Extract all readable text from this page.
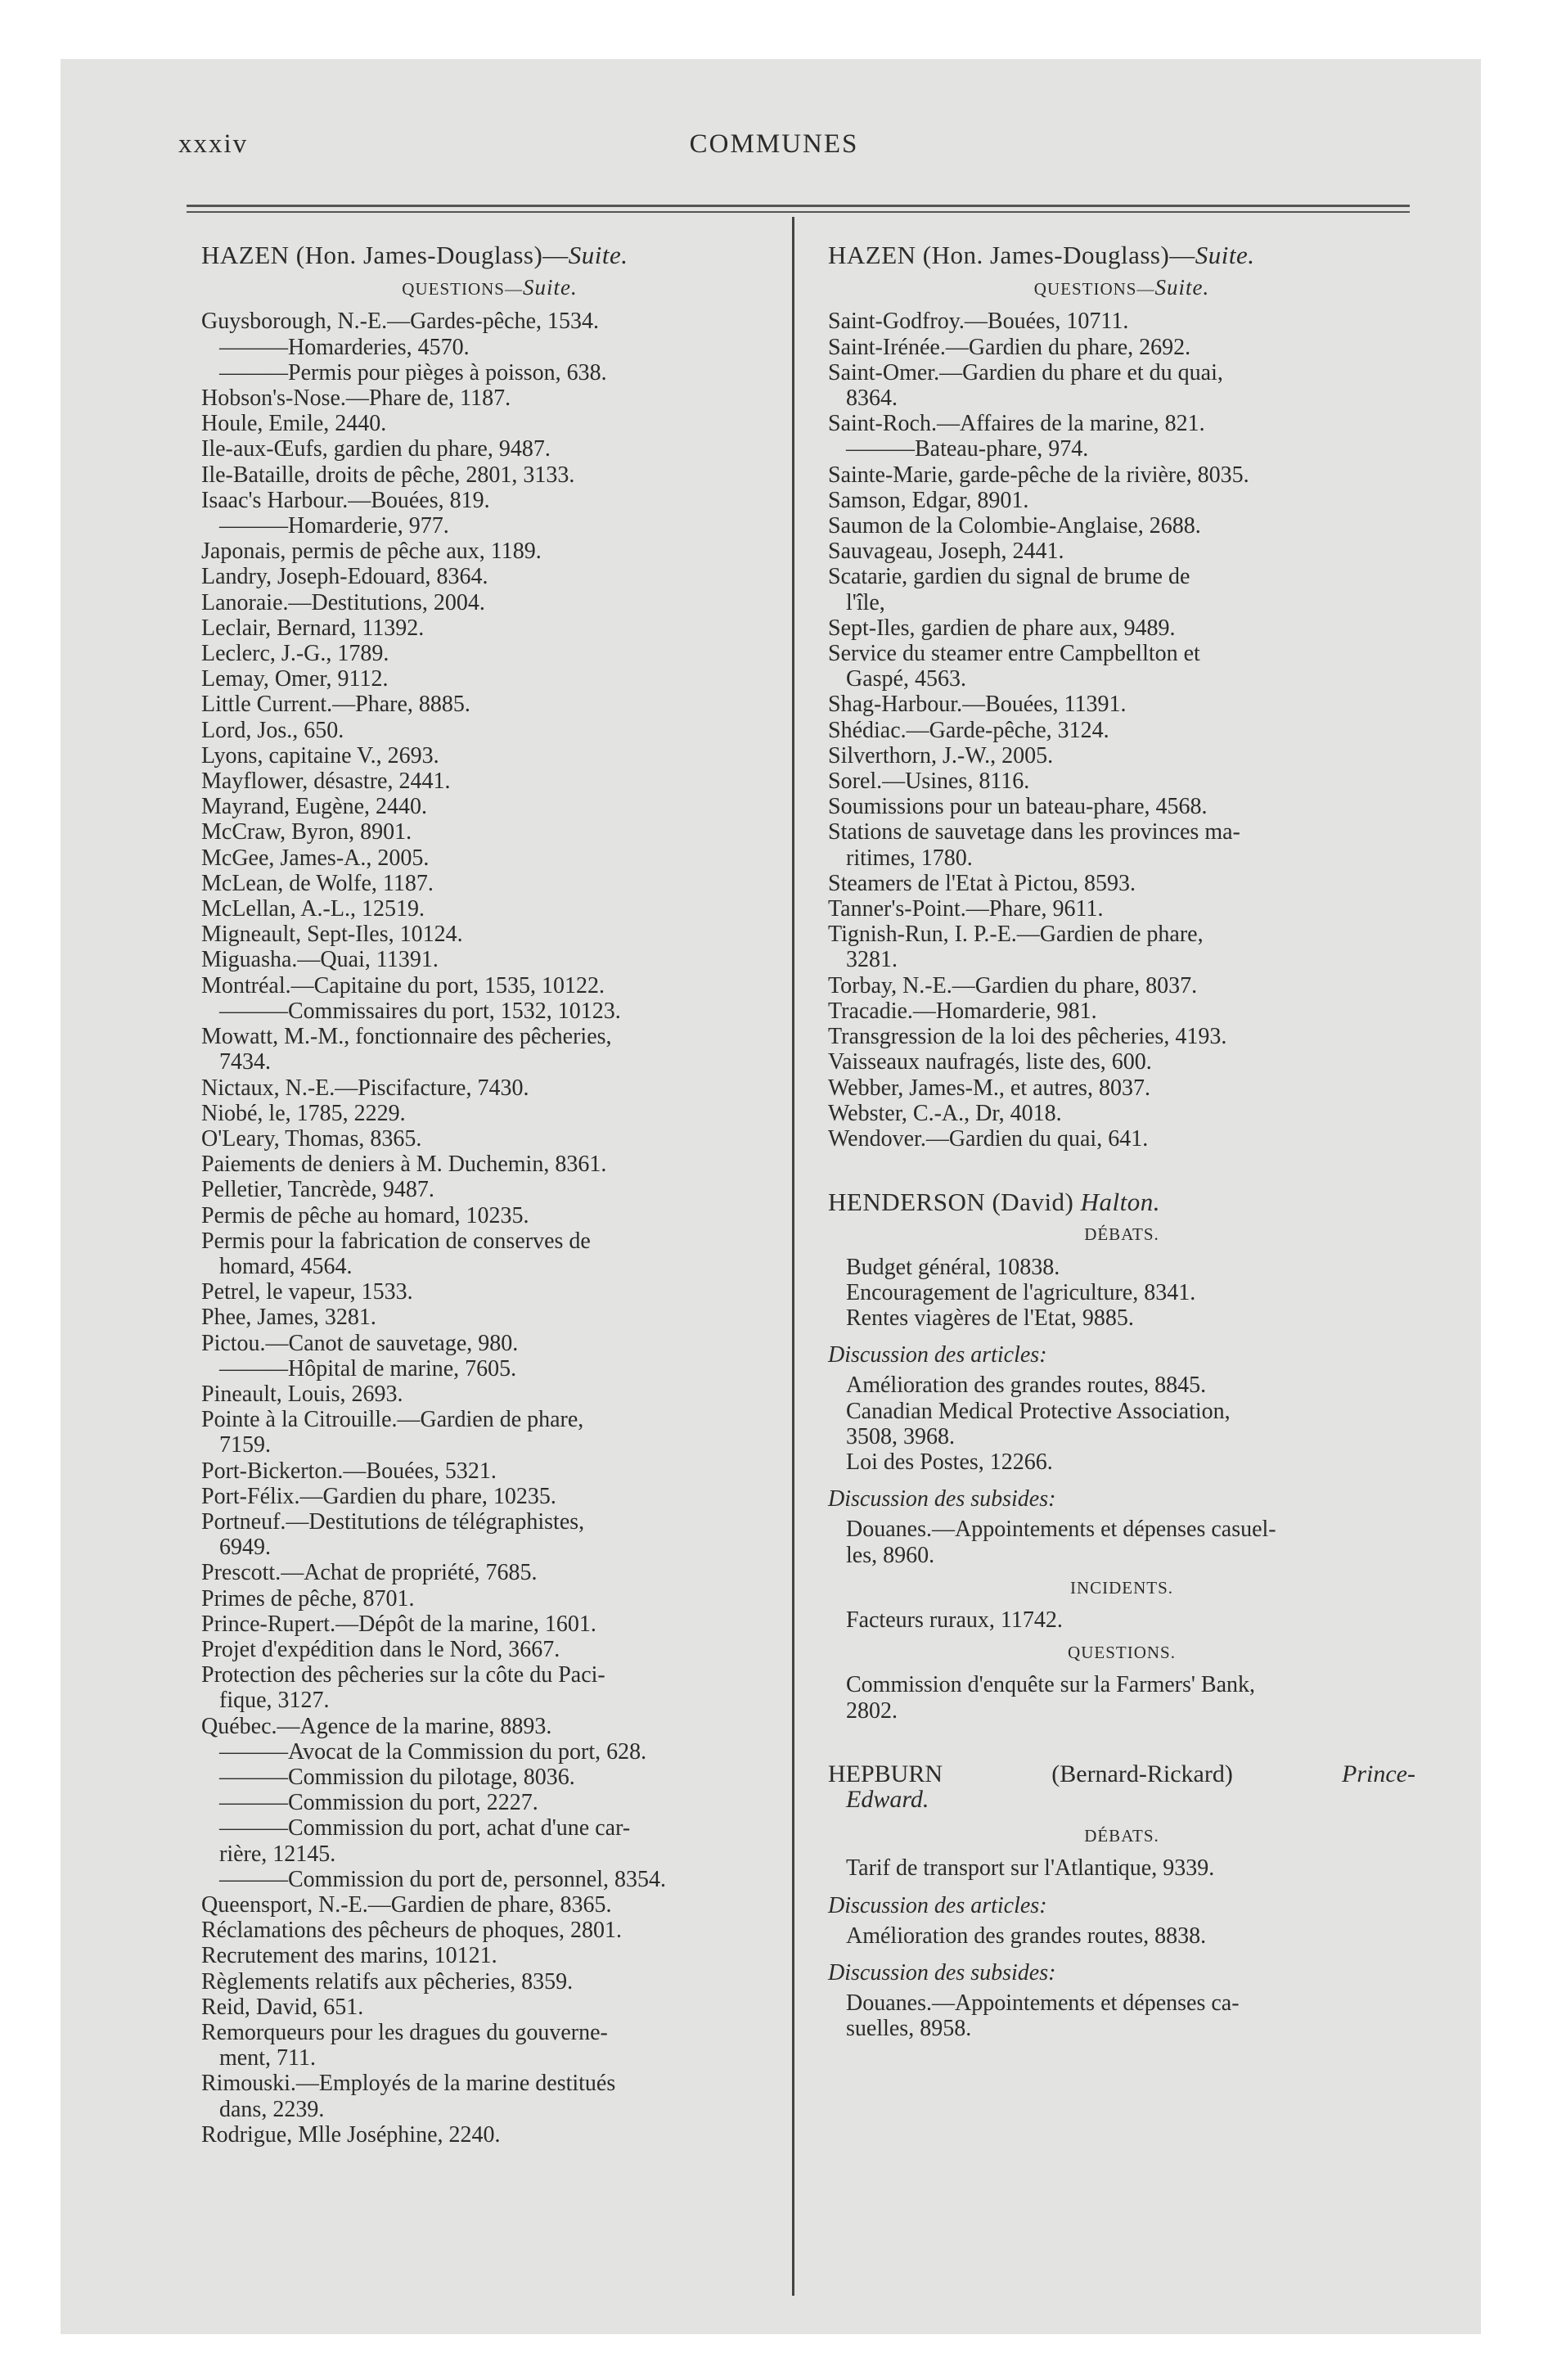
xxxiv	COMMUNES
HAZEN (Hon. James-Douglass)—Suite.
QUESTIONS—Suite.
Guysborough, N.-E.—Gardes-pêche, 1534.
———Homarderies, 4570.
———Permis pour pièges à poisson, 638.
Hobson's-Nose.—Phare de, 1187.
Houle, Emile, 2440.
Ile-aux-Œufs, gardien du phare, 9487.
Ile-Bataille, droits de pêche, 2801, 3133.
Isaac's Harbour.—Bouées, 819.
———Homarderie, 977.
Japonais, permis de pêche aux, 1189.
Landry, Joseph-Edouard, 8364.
Lanoraie.—Destitutions, 2004.
Leclair, Bernard, 11392.
Leclerc, J.-G., 1789.
Lemay, Omer, 9112.
Little Current.—Phare, 8885.
Lord, Jos., 650.
Lyons, capitaine V., 2693.
Mayflower, désastre, 2441.
Mayrand, Eugène, 2440.
McCraw, Byron, 8901.
McGee, James-A., 2005.
McLean, de Wolfe, 1187.
McLellan, A.-L., 12519.
Migneault, Sept-Iles, 10124.
Miguasha.—Quai, 11391.
Montréal.—Capitaine du port, 1535, 10122.
———Commissaires du port, 1532, 10123.
Mowatt, M.-M., fonctionnaire des pêcheries,
7434.
Nictaux, N.-E.—Piscifacture, 7430.
Niobé, le, 1785, 2229.
O'Leary, Thomas, 8365.
Paiements de deniers à M. Duchemin, 8361.
Pelletier, Tancrède, 9487.
Permis de pêche au homard, 10235.
Permis pour la fabrication de conserves de
homard, 4564.
Petrel, le vapeur, 1533.
Phee, James, 3281.
Pictou.—Canot de sauvetage, 980.
———Hôpital de marine, 7605.
Pineault, Louis, 2693.
Pointe à la Citrouille.—Gardien de phare,
7159.
Port-Bickerton.—Bouées, 5321.
Port-Félix.—Gardien du phare, 10235.
Portneuf.—Destitutions de télégraphistes,
6949.
Prescott.—Achat de propriété, 7685.
Primes de pêche, 8701.
Prince-Rupert.—Dépôt de la marine, 1601.
Projet d'expédition dans le Nord, 3667.
Protection des pêcheries sur la côte du Paci-
fique, 3127.
Québec.—Agence de la marine, 8893.
———Avocat de la Commission du port, 628.
———Commission du pilotage, 8036.
———Commission du port, 2227.
———Commission du port, achat d'une car-
rière, 12145.
———Commission du port de, personnel, 8354.
Queensport, N.-E.—Gardien de phare, 8365.
Réclamations des pêcheurs de phoques, 2801.
Recrutement des marins, 10121.
Règlements relatifs aux pêcheries, 8359.
Reid, David, 651.
Remorqueurs pour les dragues du gouverne-
ment, 711.
Rimouski.—Employés de la marine destitués
dans, 2239.
Rodrigue, Mlle Joséphine, 2240.
HAZEN (Hon. James-Douglass)—Suite.
QUESTIONS—Suite.
Saint-Godfroy.—Bouées, 10711.
Saint-Irénée.—Gardien du phare, 2692.
Saint-Omer.—Gardien du phare et du quai,
8364.
Saint-Roch.—Affaires de la marine, 821.
———Bateau-phare, 974.
Sainte-Marie, garde-pêche de la rivière, 8035.
Samson, Edgar, 8901.
Saumon de la Colombie-Anglaise, 2688.
Sauvageau, Joseph, 2441.
Scatarie, gardien du signal de brume de
l'île,
Sept-Iles, gardien de phare aux, 9489.
Service du steamer entre Campbellton et
Gaspé, 4563.
Shag-Harbour.—Bouées, 11391.
Shédiac.—Garde-pêche, 3124.
Silverthorn, J.-W., 2005.
Sorel.—Usines, 8116.
Soumissions pour un bateau-phare, 4568.
Stations de sauvetage dans les provinces ma-
ritimes, 1780.
Steamers de l'Etat à Pictou, 8593.
Tanner's-Point.—Phare, 9611.
Tignish-Run, I. P.-E.—Gardien de phare,
3281.
Torbay, N.-E.—Gardien du phare, 8037.
Tracadie.—Homarderie, 981.
Transgression de la loi des pêcheries, 4193.
Vaisseaux naufragés, liste des, 600.
Webber, James-M., et autres, 8037.
Webster, C.-A., Dr, 4018.
Wendover.—Gardien du quai, 641.
HENDERSON (David) Halton.
DÉBATS.
Budget général, 10838.
Encouragement de l'agriculture, 8341.
Rentes viagères de l'Etat, 9885.
Discussion des articles:
Amélioration des grandes routes, 8845.
Canadian Medical Protective Association,
3508, 3968.
Loi des Postes, 12266.
Discussion des subsides:
Douanes.—Appointements et dépenses casuel-
les, 8960.
INCIDENTS.
Facteurs ruraux, 11742.
QUESTIONS.
Commission d'enquête sur la Farmers' Bank,
2802.
HEPBURN	(Bernard-Rickard)	Prince-
Edward.
DÉBATS.
Tarif de transport sur l'Atlantique, 9339.
Discussion des articles:
Amélioration des grandes routes, 8838.
Discussion des subsides:
Douanes.—Appointements et dépenses ca-
suelles, 8958.
